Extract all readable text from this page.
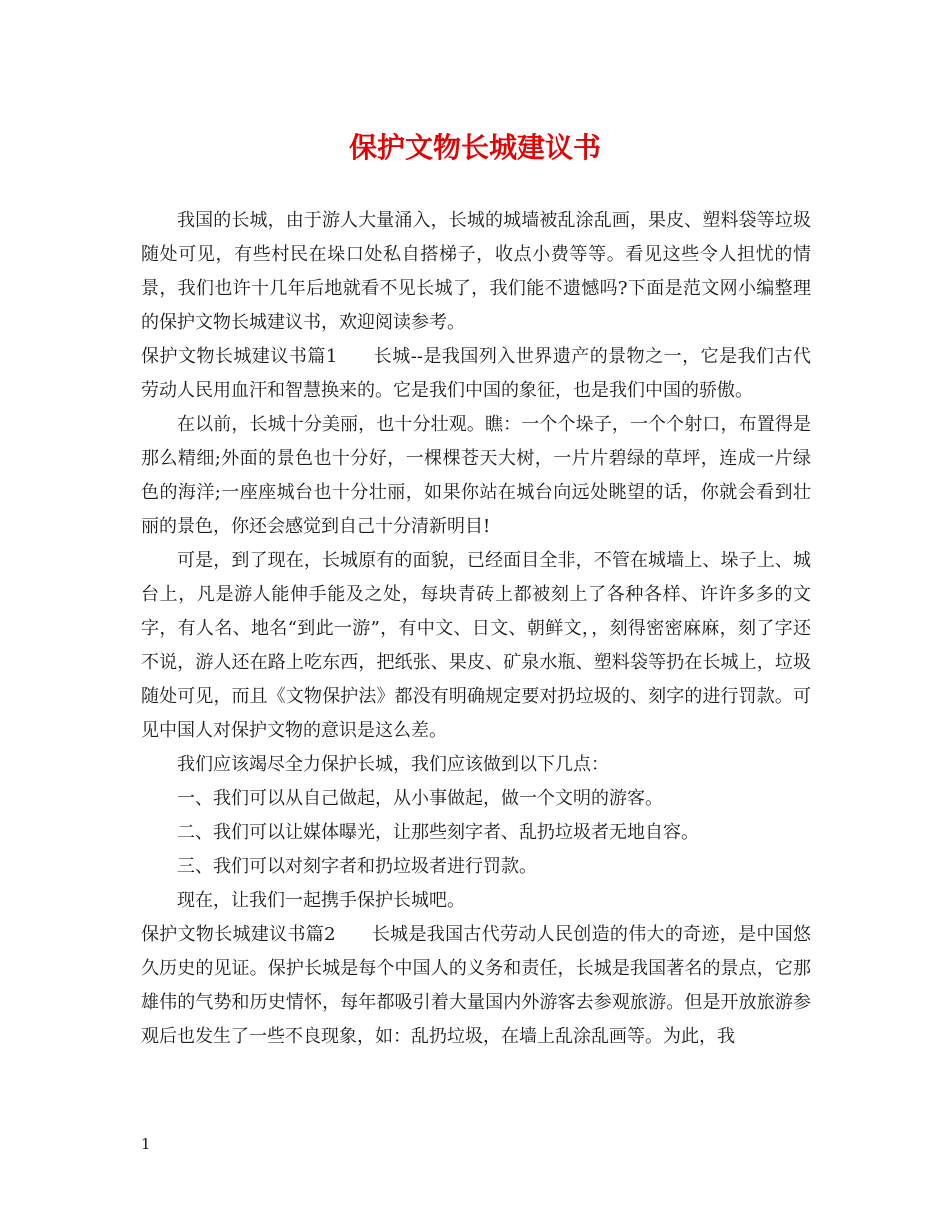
保护文物长城建议书

我国的长城，由于游人大量涌入，长城的城墙被乱涂乱画，果皮、塑料袋等垃圾随处可见，有些村民在垛口处私自搭梯子，收点小费等等。看见这些令人担忧的情景，我们也许十几年后地就看不见长城了，我们能不遗憾吗?下面是范文网小编整理的保护文物长城建议书，欢迎阅读参考。

保护文物长城建议书篇1 长城--是我国列入世界遗产的景物之一，它是我们古代劳动人民用血汗和智慧换来的。它是我们中国的象征，也是我们中国的骄傲。

在以前，长城十分美丽，也十分壮观。瞧：一个个垛子，一个个射口，布置得是那么精细;外面的景色也十分好，一棵棵苍天大树，一片片碧绿的草坪，连成一片绿色的海洋;一座座城台也十分壮丽，如果你站在城台向远处眺望的话，你就会看到壮丽的景色，你还会感觉到自己十分清新明目!

可是，到了现在，长城原有的面貌，已经面目全非，不管在城墙上、垛子上、城台上，凡是游人能伸手能及之处，每块青砖上都被刻上了各种各样、许许多多的文字，有人名、地名“到此一游”，有中文、日文、朝鲜文，，刻得密密麻麻，刻了字还不说，游人还在路上吃东西，把纸张、果皮、矿泉水瓶、塑料袋等扔在长城上，垃圾随处可见，而且《文物保护法》都没有明确规定要对扔垃圾的、刻字的进行罚款。可见中国人对保护文物的意识是这么差。

我们应该竭尽全力保护长城，我们应该做到以下几点：

一、我们可以从自己做起，从小事做起，做一个文明的游客。

二、我们可以让媒体曝光，让那些刻字者、乱扔垃圾者无地自容。

三、我们可以对刻字者和扔垃圾者进行罚款。

现在，让我们一起携手保护长城吧。

保护文物长城建议书篇2 长城是我国古代劳动人民创造的伟大的奇迹，是中国悠久历史的见证。保护长城是每个中国人的义务和责任，长城是我国著名的景点，它那雄伟的气势和历史情怀，每年都吸引着大量国内外游客去参观旅游。但是开放旅游参观后也发生了一些不良现象，如：乱扔垃圾，在墙上乱涂乱画等。为此，我

1
